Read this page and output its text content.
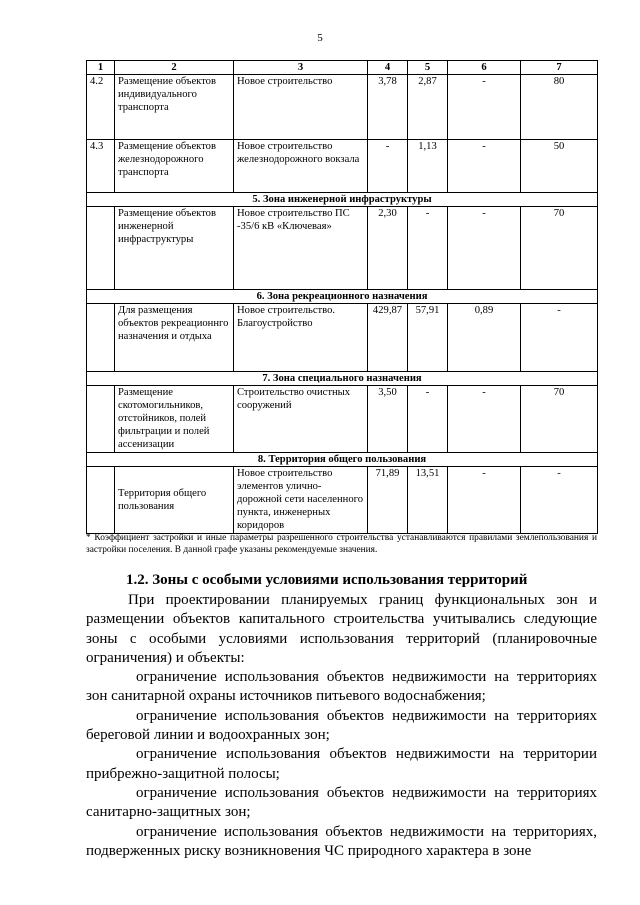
5
1	2	3	4	5	6	7
4.2	Размещение объектов индивидуального транспорта	Новое строительство	3,78	2,87	-	80
4.3	Размещение объектов железнодорожного транспорта	Новое строительство железнодорожного вокзала	-	1,13	-	50
5. Зона инженерной инфраструктуры						
	Размещение объектов инженерной инфраструктуры	Новое строительство ПС -35/6 кВ «Ключевая»	2,30	-	-	70
6. Зона рекреационного назначения						
	Для размещения объектов рекреационнго назначения и отдыха	Новое строительство. Благоустройство	429,87	57,91	0,89	-
7. Зона специального назначения						
	Размещение скотомогильников, отстойников, полей фильтрации и полей ассенизации	Строительство очистных сооружений	3,50	-	-	70
8. Территория общего пользования						
	Территория общего пользования	Новое строительство элементов улично-дорожной сети населенного пункта, инженерных коридоров	71,89	13,51	-	-
* Коэффициент застройки и иные параметры разрешенного строительства устанавливаются правилами землепользования и застройки поселения. В данной графе указаны рекомендуемые значения.
1.2. Зоны с особыми условиями использования территорий

При проектировании планируемых границ функциональных зон и размещении объектов капитального строительства учитывались следующие зоны с особыми условиями использования территорий (планировочные ограничения) и объекты:

ограничение использования объектов недвижимости на территориях зон санитарной охраны источников питьевого водоснабжения;

ограничение использования объектов недвижимости на территориях береговой линии и водоохранных зон;

ограничение использования объектов недвижимости на территории прибрежно-защитной полосы;

ограничение использования объектов недвижимости на территориях санитарно-защитных зон;

ограничение использования объектов недвижимости на территориях, подверженных риску возникновения ЧС природного характера в зоне
